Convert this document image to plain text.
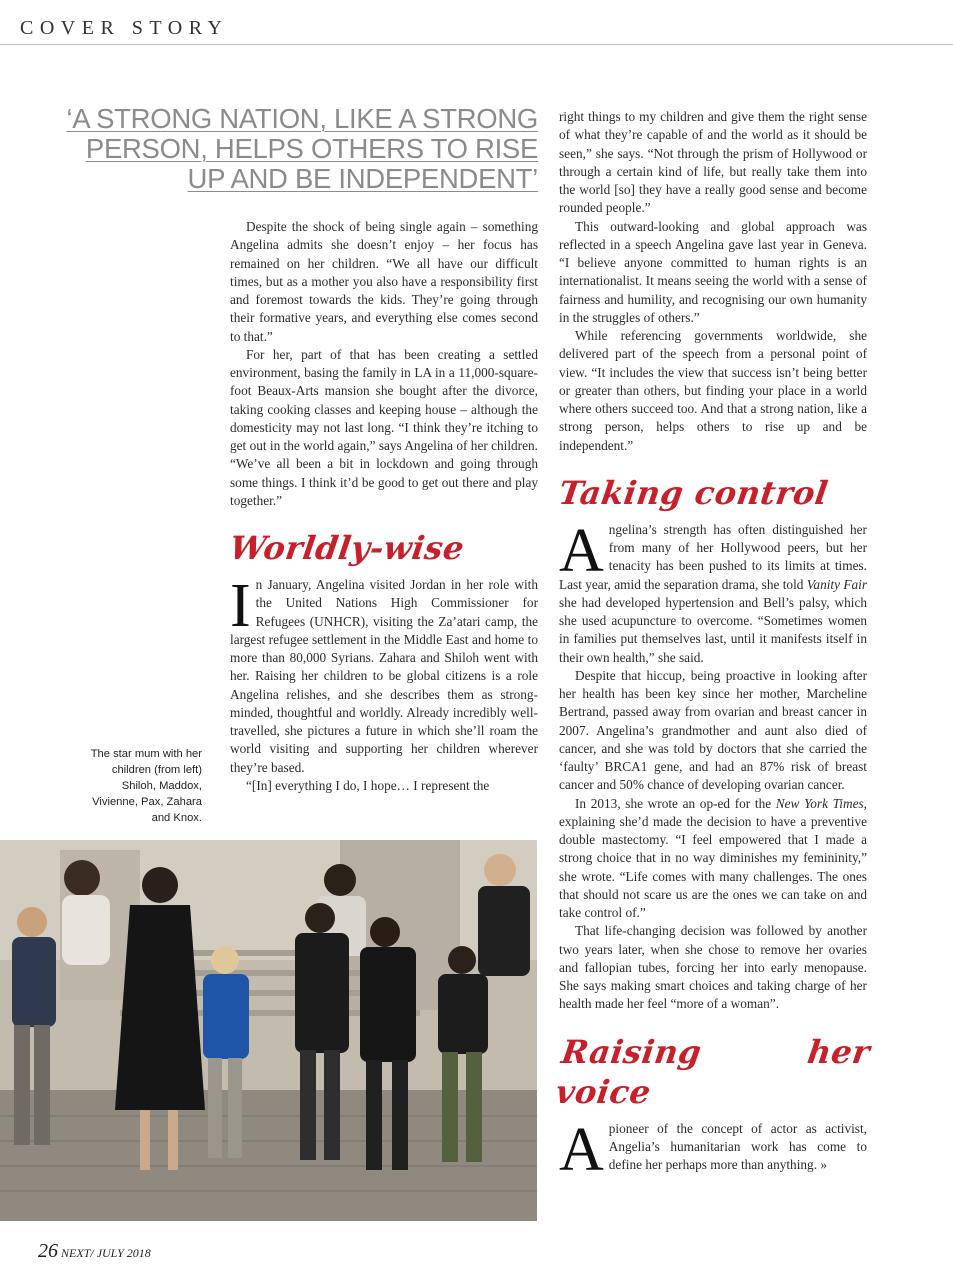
COVER STORY
‘A STRONG NATION, LIKE A STRONG PERSON, HELPS OTHERS TO RISE UP AND BE INDEPENDENT’

Despite the shock of being single again – something Angelina admits she doesn’t enjoy – her focus has remained on her children. “We all have our difficult times, but as a mother you also have a responsibility first and foremost towards the kids. They’re going through their formative years, and everything else comes second to that.”

For her, part of that has been creating a settled environment, basing the family in LA in a 11,000-square-foot Beaux-Arts mansion she bought after the divorce, taking cooking classes and keeping house – although the domesticity may not last long. “I think they’re itching to get out in the world again,” says Angelina of her children. “We’ve all been a bit in lockdown and going through some things. I think it’d be good to get out there and play together.”

Worldly-wise

In January, Angelina visited Jordan in her role with the United Nations High Commissioner for Refugees (UNHCR), visiting the Za’atari camp, the largest refugee settlement in the Middle East and home to more than 80,000 Syrians. Zahara and Shiloh went with her. Raising her children to be global citizens is a role Angelina relishes, and she describes them as strong-minded, thoughtful and worldly. Already incredibly well-travelled, she pictures a future in which she’ll roam the world visiting and supporting her children wherever they’re based.

“[In] everything I do, I hope… I represent the

The star mum with her children (from left) Shiloh, Maddox, Vivienne, Pax, Zahara and Knox.

right things to my children and give them the right sense of what they’re capable of and the world as it should be seen,” she says. “Not through the prism of Hollywood or through a certain kind of life, but really take them into the world [so] they have a really good sense and become rounded people.”

This outward-looking and global approach was reflected in a speech Angelina gave last year in Geneva. “I believe anyone committed to human rights is an internationalist. It means seeing the world with a sense of fairness and humility, and recognising our own humanity in the struggles of others.”

While referencing governments worldwide, she delivered part of the speech from a personal point of view. “It includes the view that success isn’t being better or greater than others, but finding your place in a world where others succeed too. And that a strong nation, like a strong person, helps others to rise up and be independent.”

Taking control

Angelina’s strength has often distinguished her from many of her Hollywood peers, but her tenacity has been pushed to its limits at times. Last year, amid the separation drama, she told Vanity Fair she had developed hypertension and Bell’s palsy, which she used acupuncture to overcome. “Sometimes women in families put themselves last, until it manifests itself in their own health,” she said.

Despite that hiccup, being proactive in looking after her health has been key since her mother, Marcheline Bertrand, passed away from ovarian and breast cancer in 2007. Angelina’s grandmother and aunt also died of cancer, and she was told by doctors that she carried the ‘faulty’ BRCA1 gene, and had an 87% risk of breast cancer and 50% chance of developing ovarian cancer.

In 2013, she wrote an op-ed for the New York Times, explaining she’d made the decision to have a preventive double mastectomy. “I feel empowered that I made a strong choice that in no way diminishes my femininity,” she wrote. “Life comes with many challenges. The ones that should not scare us are the ones we can take on and take control of.”

That life-changing decision was followed by another two years later, when she chose to remove her ovaries and fallopian tubes, forcing her into early menopause. She says making smart choices and taking charge of her health made her feel “more of a woman”.

Raising her voice

A pioneer of the concept of actor as activist, Angelia’s humanitarian work has come to define her perhaps more than anything. »

26 NEXT/ JULY 2018
